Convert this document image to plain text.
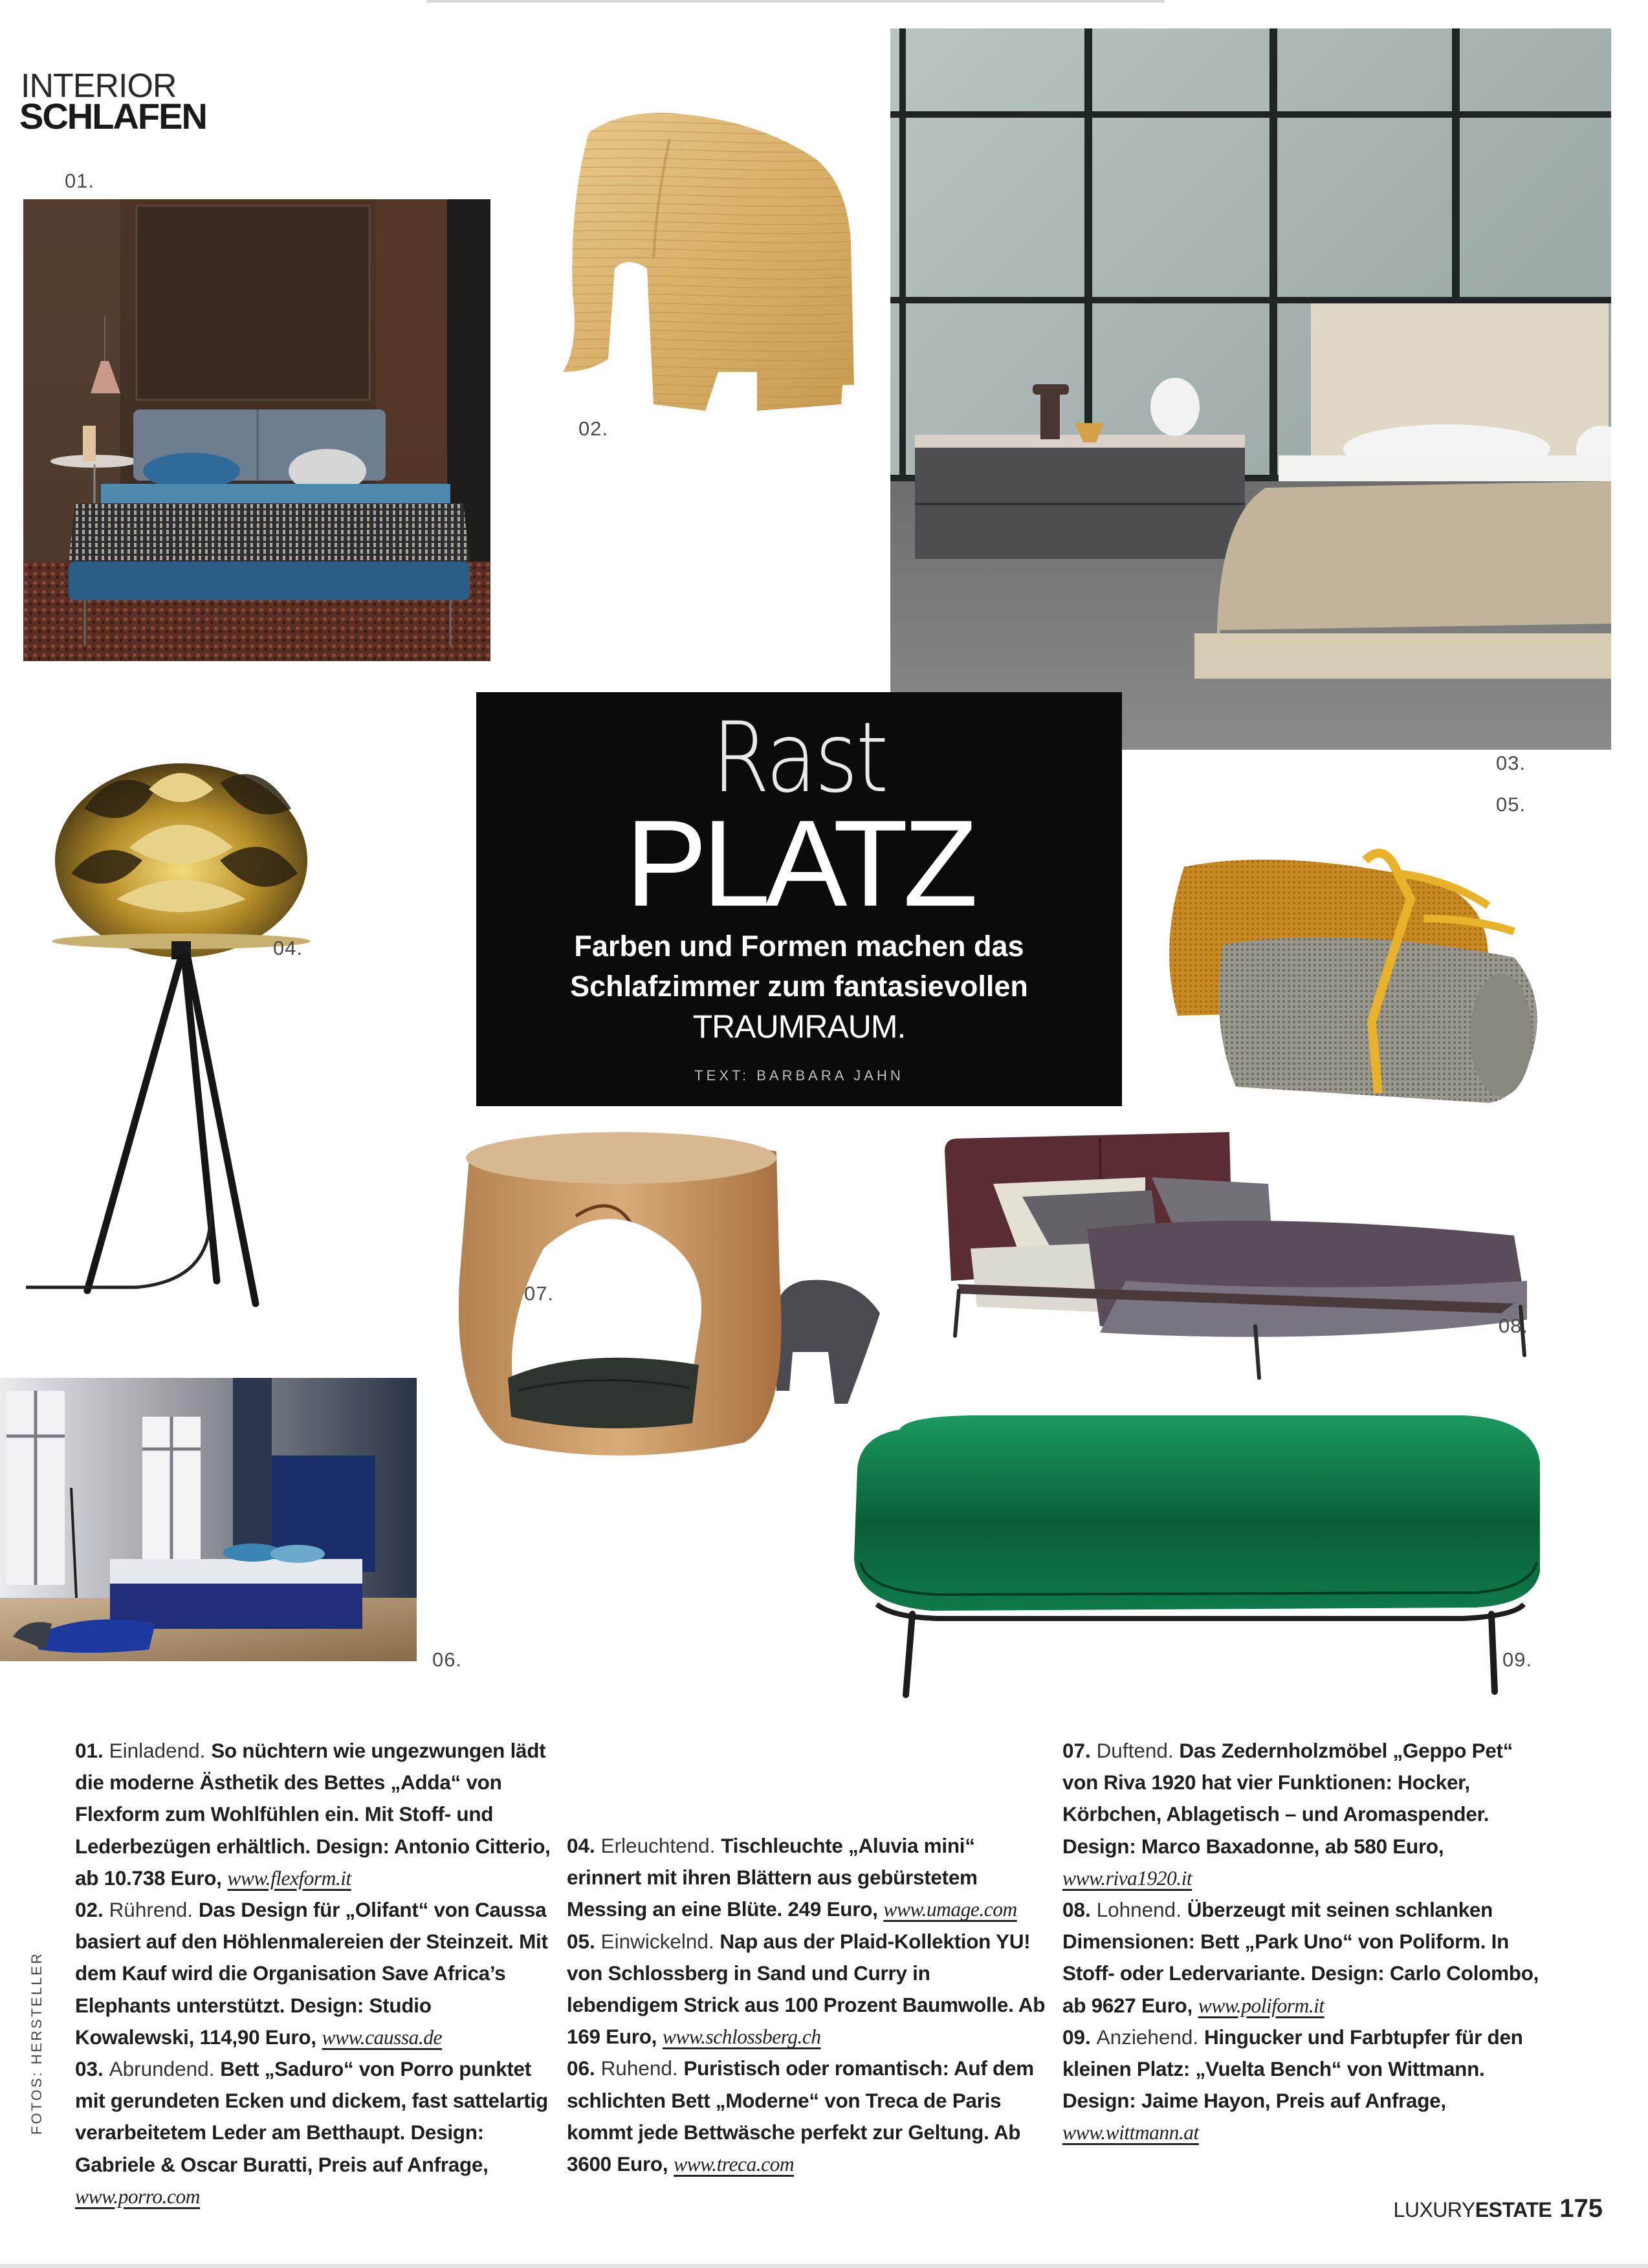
INTERIOR
SCHLAFEN
01.
02.
03.
05.
Rast
PLATZ
Farben und Formen machen das
Schlafzimmer zum fantasievollen
TRAUMRAUM.
TEXT: BARBARA JAHN
04.
07.
08.
06.	09.

01. Einladend. So nüchtern wie ungezwungen lädt die moderne Ästhetik des Bettes „Adda“ von Flexform zum Wohlfühlen ein. Mit Stoff- und Lederbezügen erhältlich. Design: Antonio Citterio, ab 10.738 Euro, www.flexform.it

02. Rührend. Das Design für „Olifant“ von Caussa basiert auf den Höhlenmalereien der Steinzeit. Mit dem Kauf wird die Organisation Save Africa’s Elephants unterstützt. Design: Studio Kowalewski, 114,90 Euro, www.caussa.de

03. Abrundend. Bett „Saduro“ von Porro punktet mit gerundeten Ecken und dickem, fast sattelartig verarbeitetem Leder am Betthaupt. Design: Gabriele & Oscar Buratti, Preis auf Anfrage, www.porro.com

04. Erleuchtend. Tischleuchte „Aluvia mini“ erinnert mit ihren Blättern aus gebürstetem Messing an eine Blüte. 249 Euro, www.umage.com

05. Einwickelnd. Nap aus der Plaid-Kollektion YU! von Schlossberg in Sand und Curry in lebendigem Strick aus 100 Prozent Baumwolle. Ab 169 Euro, www.schlossberg.ch

06. Ruhend. Puristisch oder romantisch: Auf dem schlichten Bett „Moderne“ von Treca de Paris kommt jede Bettwäsche perfekt zur Geltung. Ab 3600 Euro, www.treca.com

07. Duftend. Das Zedernholzmöbel „Geppo Pet“ von Riva 1920 hat vier Funktionen: Hocker, Körbchen, Ablagetisch – und Aromaspender. Design: Marco Baxadonne, ab 580 Euro, www.riva1920.it

08. Lohnend. Überzeugt mit seinen schlanken Dimensionen: Bett „Park Uno“ von Poliform. In Stoff- oder Ledervariante. Design: Carlo Colombo, ab 9627 Euro, www.poliform.it

09. Anziehend. Hingucker und Farbtupfer für den kleinen Platz: „Vuelta Bench“ von Wittmann. Design: Jaime Hayon, Preis auf Anfrage, www.wittmann.at

FOTOS: HERSTELLER
LUXURYESTATE 175
